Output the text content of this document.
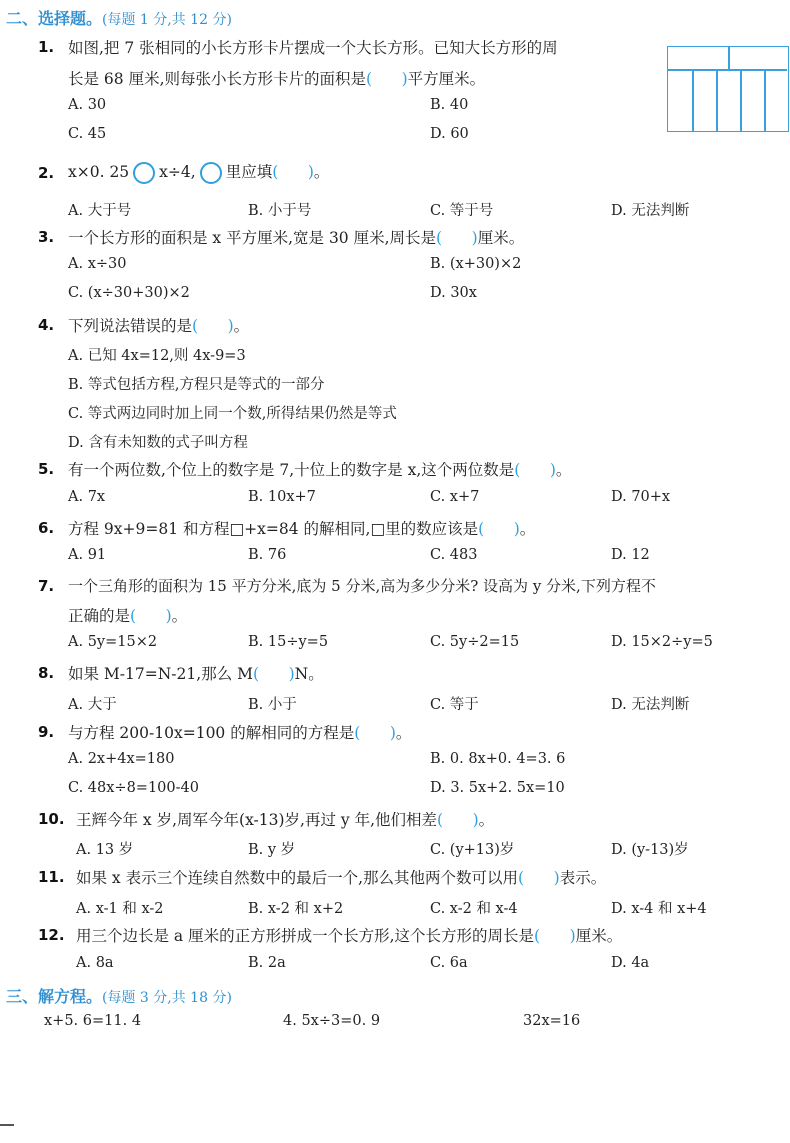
二、选择题。(每题 1 分,共 12 分)
1. 如图,把 7 张相同的小长方形卡片摆成一个大长方形。已知大长方形的周
长是 68 厘米,则每张小长方形卡片的面积是(      )平方厘米。
A. 30	B. 40
C. 45	D. 60
2. x×0. 25 x÷4, 里应填(      )。
A. 大于号	B. 小于号	C. 等于号	D. 无法判断
3. 一个长方形的面积是 x 平方厘米,宽是 30 厘米,周长是(      )厘米。
A. x÷30	B. (x+30)×2
C. (x÷30+30)×2	D. 30x
4. 下列说法错误的是(      )。
A. 已知 4x=12,则 4x-9=3
B. 等式包括方程,方程只是等式的一部分
C. 等式两边同时加上同一个数,所得结果仍然是等式
D. 含有未知数的式子叫方程
5. 有一个两位数,个位上的数字是 7,十位上的数字是 x,这个两位数是(      )。
A. 7x	B. 10x+7	C. x+7	D. 70+x
6. 方程 9x+9=81 和方程□+x=84 的解相同,□里的数应该是(      )。
A. 91	B. 76	C. 483	D. 12
7. 一个三角形的面积为 15 平方分米,底为 5 分米,高为多少分米? 设高为 y 分米,下列方程不
正确的是(      )。
A. 5y=15×2	B. 15÷y=5	C. 5y÷2=15	D. 15×2÷y=5
8. 如果 M-17=N-21,那么 M(      )N。
A. 大于	B. 小于	C. 等于	D. 无法判断
9. 与方程 200-10x=100 的解相同的方程是(      )。
A. 2x+4x=180	B. 0. 8x+0. 4=3. 6
C. 48x÷8=100-40	D. 3. 5x+2. 5x=10
10. 王辉今年 x 岁,周军今年(x-13)岁,再过 y 年,他们相差(      )。
A. 13 岁	B. y 岁	C. (y+13)岁	D. (y-13)岁
11. 如果 x 表示三个连续自然数中的最后一个,那么其他两个数可以用(      )表示。
A. x-1 和 x-2	B. x-2 和 x+2	C. x-2 和 x-4	D. x-4 和 x+4
12. 用三个边长是 a 厘米的正方形拼成一个长方形,这个长方形的周长是(      )厘米。
A. 8a	B. 2a	C. 6a	D. 4a
三、解方程。(每题 3 分,共 18 分)
x+5. 6=11. 4	4. 5x÷3=0. 9	32x=16
